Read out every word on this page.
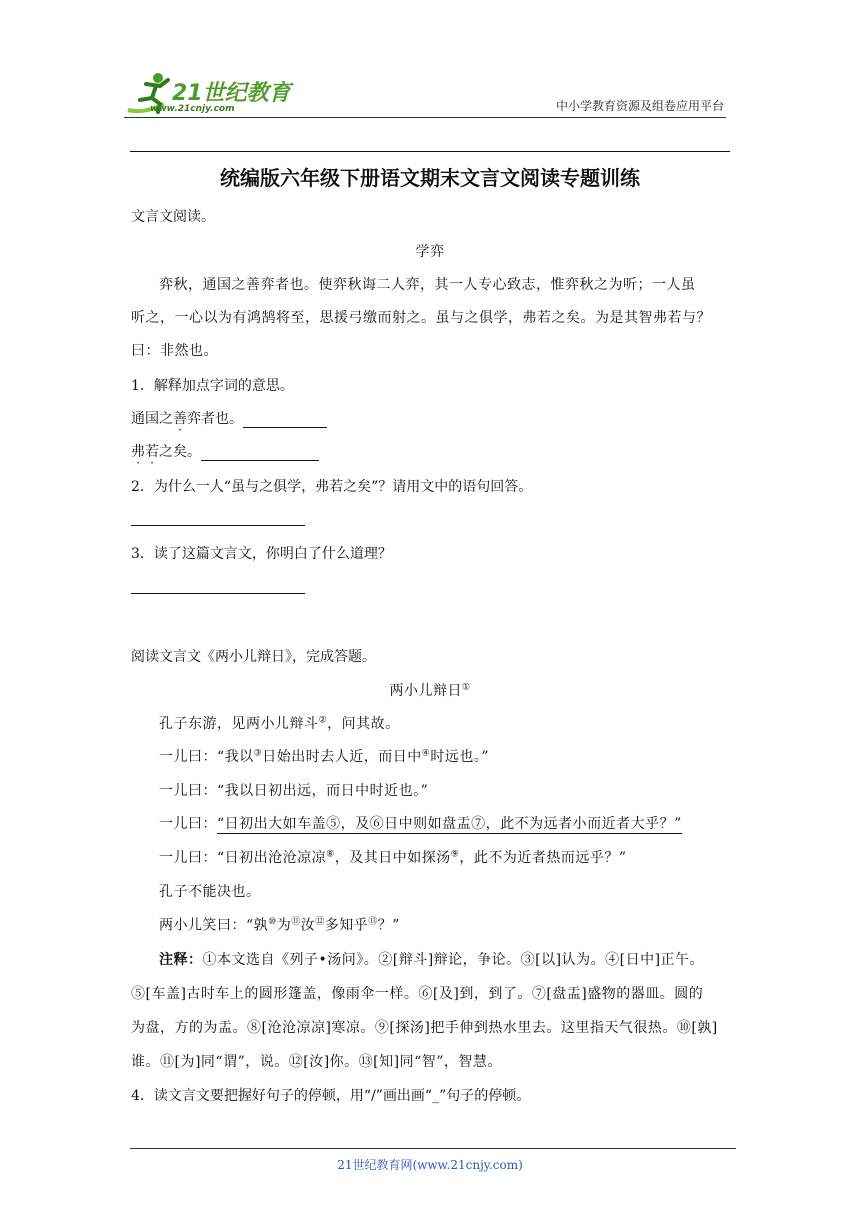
21世纪教育
www.21cnjy.com	中小学教育资源及组卷应用平台
统编版六年级下册语文期末文言文阅读专题训练
文言文阅读。
学弈
弈秋，通国之善弈者也。使弈秋诲二人弈，其一人专心致志，惟弈秋之为听；一人虽
听之，一心以为有鸿鹄将至，思援弓缴而射之。虽与之俱学，弗若之矣。为是其智弗若与？
曰：非然也。
1．解释加点字词的意思。
通国之善弈者也。
弗若之矣。
2．为什么一人“虽与之俱学，弗若之矣”？请用文中的语句回答。
3．读了这篇文言文，你明白了什么道理？
阅读文言文《两小儿辩日》，完成答题。
两小儿辩日①
孔子东游，见两小儿辩斗②，问其故。
一儿曰：“我以③日始出时去人近，而日中④时远也。”
一儿曰：“我以日初出远，而日中时近也。”
一儿曰：“日初出大如车盖⑤，及⑥日中则如盘盂⑦，此不为远者小而近者大乎？”
一儿曰：“日初出沧沧凉凉⑧，及其日中如探汤⑨，此不为近者热而远乎？”
孔子不能决也。
两小儿笑曰：“孰⑩为⑪汝⑫多知乎⑬？”
注释：①本文选自《列子•汤问》。②[辩斗]辩论，争论。③[以]认为。④[日中]正午。
⑤[车盖]古时车上的圆形篷盖，像雨伞一样。⑥[及]到，到了。⑦[盘盂]盛物的器皿。圆的
为盘，方的为盂。⑧[沧沧凉凉]寒凉。⑨[探汤]把手伸到热水里去。这里指天气很热。⑩[孰]
谁。⑪[为]同“谓”，说。⑫[汝]你。⑬[知]同“智”，智慧。
4．读文言文要把握好句子的停顿，用“/”画出画“_”句子的停顿。
21世纪教育网(www.21cnjy.com)
